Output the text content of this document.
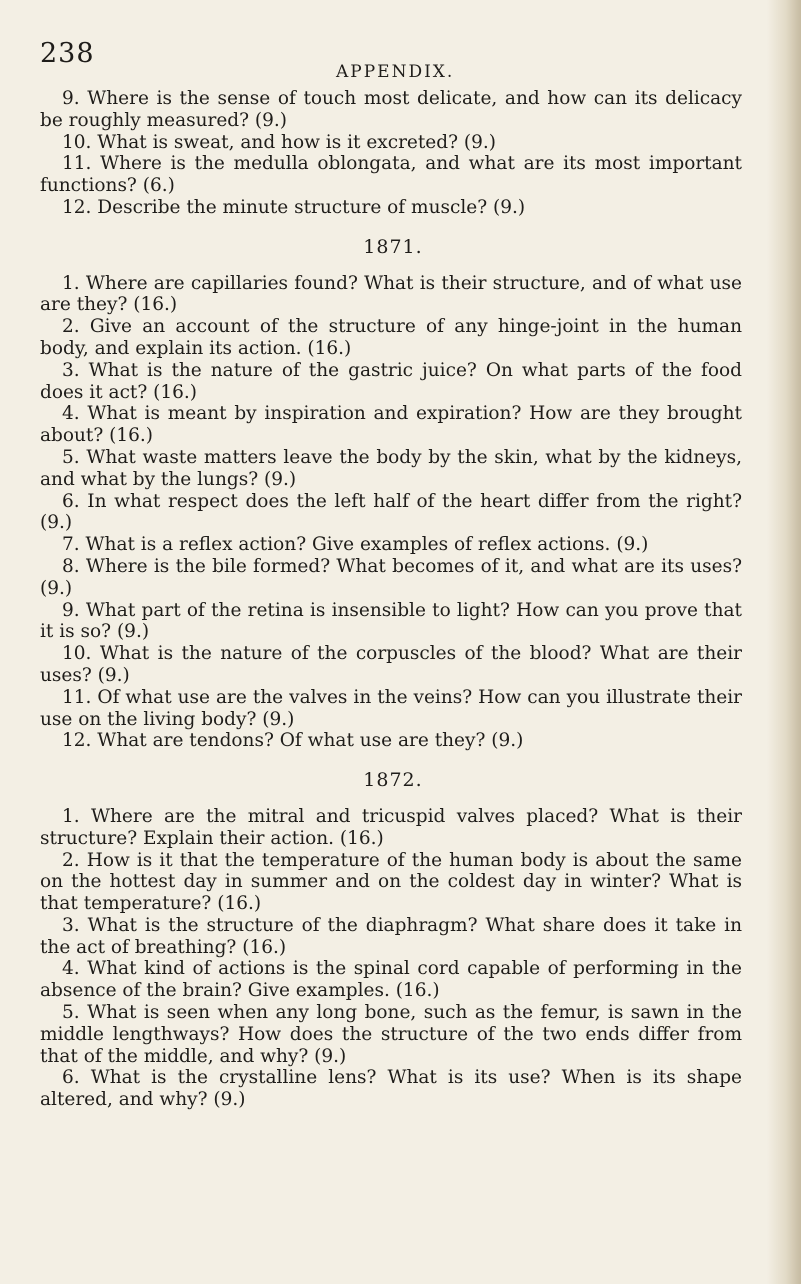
238
APPENDIX.

9. Where is the sense of touch most delicate, and how can its delicacy be roughly measured? (9.)

10. What is sweat, and how is it excreted? (9.)

11. Where is the medulla oblongata, and what are its most important functions? (6.)

12. Describe the minute structure of muscle? (9.)

1871.

1. Where are capillaries found? What is their structure, and of what use are they? (16.)

2. Give an account of the structure of any hinge-joint in the human body, and explain its action. (16.)

3. What is the nature of the gastric juice? On what parts of the food does it act? (16.)

4. What is meant by inspiration and expiration? How are they brought about? (16.)

5. What waste matters leave the body by the skin, what by the kidneys, and what by the lungs? (9.)

6. In what respect does the left half of the heart differ from the right? (9.)

7. What is a reflex action? Give examples of reflex actions. (9.)

8. Where is the bile formed? What becomes of it, and what are its uses? (9.)

9. What part of the retina is insensible to light? How can you prove that it is so? (9.)

10. What is the nature of the corpuscles of the blood? What are their uses? (9.)

11. Of what use are the valves in the veins? How can you illustrate their use on the living body? (9.)

12. What are tendons? Of what use are they? (9.)

1872.

1. Where are the mitral and tricuspid valves placed? What is their structure? Explain their action. (16.)

2. How is it that the temperature of the human body is about the same on the hottest day in summer and on the coldest day in winter? What is that temperature? (16.)

3. What is the structure of the diaphragm? What share does it take in the act of breathing? (16.)

4. What kind of actions is the spinal cord capable of performing in the absence of the brain? Give examples. (16.)

5. What is seen when any long bone, such as the femur, is sawn in the middle lengthways? How does the structure of the two ends differ from that of the middle, and why? (9.)

6. What is the crystalline lens? What is its use? When is its shape altered, and why? (9.)
